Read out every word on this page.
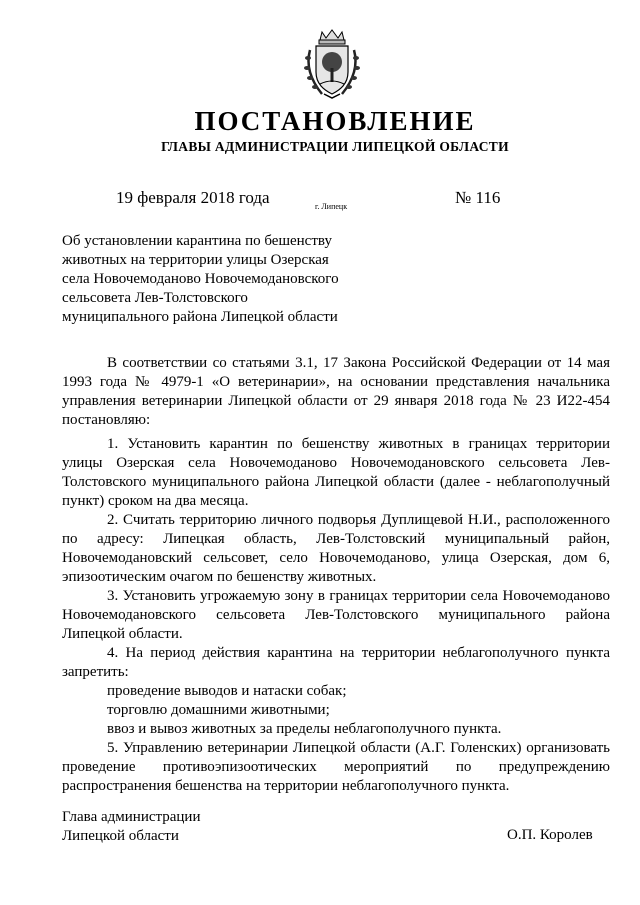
ПОСТАНОВЛЕНИЕ
ГЛАВЫ АДМИНИСТРАЦИИ ЛИПЕЦКОЙ ОБЛАСТИ
19 февраля 2018 года	г. Липецк	№ 116
Об установлении карантина по бешенству
животных на территории улицы Озерская
села Новочемоданово Новочемодановского
сельсовета Лев-Толстовского
муниципального района Липецкой области
В соответствии со статьями 3.1, 17 Закона Российской Федерации от 14 мая 1993 года № 4979-1 «О ветеринарии», на основании представления начальника управления ветеринарии Липецкой области от 29 января 2018 года № 23 И22-454 постановляю:
1. Установить карантин по бешенству животных в границах территории улицы Озерская села Новочемоданово Новочемодановского сельсовета Лев-Толстовского муниципального района Липецкой области (далее - неблагополучный пункт) сроком на два месяца.
2. Считать территорию личного подворья Дуплищевой Н.И., расположенного по адресу: Липецкая область, Лев-Толстовский муниципальный район, Новочемодановский сельсовет, село Новочемоданово, улица Озерская, дом 6, эпизоотическим очагом по бешенству животных.
3. Установить угрожаемую зону в границах территории села Новочемоданово Новочемодановского сельсовета Лев-Толстовского муниципального района Липецкой области.
4. На период действия карантина на территории неблагополучного пункта запретить:
проведение выводов и натаски собак;
торговлю домашними животными;
ввоз и вывоз животных за пределы неблагополучного пункта.
5. Управлению ветеринарии Липецкой области (А.Г. Голенских) организовать проведение противоэпизоотических мероприятий по предупреждению распространения бешенства на территории неблагополучного пункта.
Глава администрации
Липецкой области	О.П. Королев
